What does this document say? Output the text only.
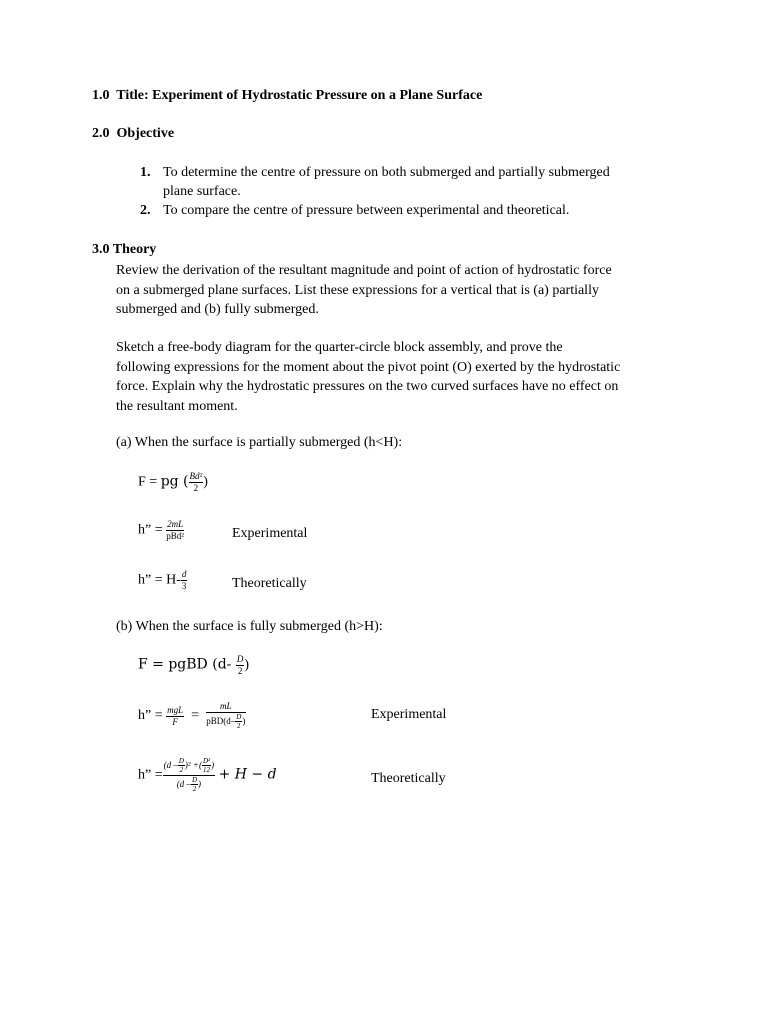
1.0 Title: Experiment of Hydrostatic Pressure on a Plane Surface
2.0 Objective
1. To determine the centre of pressure on both submerged and partially submerged
plane surface.
2. To compare the centre of pressure between experimental and theoretical.
3.0 Theory
Review the derivation of the resultant magnitude and point of action of hydrostatic force
on a submerged plane surfaces. List these expressions for a vertical that is (a) partially
submerged and (b) fully submerged.
Sketch a free-body diagram for the quarter-circle block assembly, and prove the
following expressions for the moment about the pivot point (O) exerted by the hydrostatic
force. Explain why the hydrostatic pressures on the two curved surfaces have no effect on
the resultant moment.
(a) When the surface is partially submerged (h<H):
F = pg ( $\frac{\text{Bd²}}{2}$ )
h” = $\frac{2mL}{\text{pBd²}}$	Experimental
h” = $H- \frac{d}{3}$	Theoretically
(b) When the surface is fully submerged (h>H):
F = pgBD ($d- \frac{D}{2}$ )
h” = $\frac{\text{mgL}}{F} = \frac{mL}{pBD(d- \frac{D}{2} )}$	Experimental
h” = $\frac{(d - \frac{D}{2} )^2 +( \frac{\text{D²}}{12} )}{(d - \frac{D}{2} )} + H - d$	Theoretically
